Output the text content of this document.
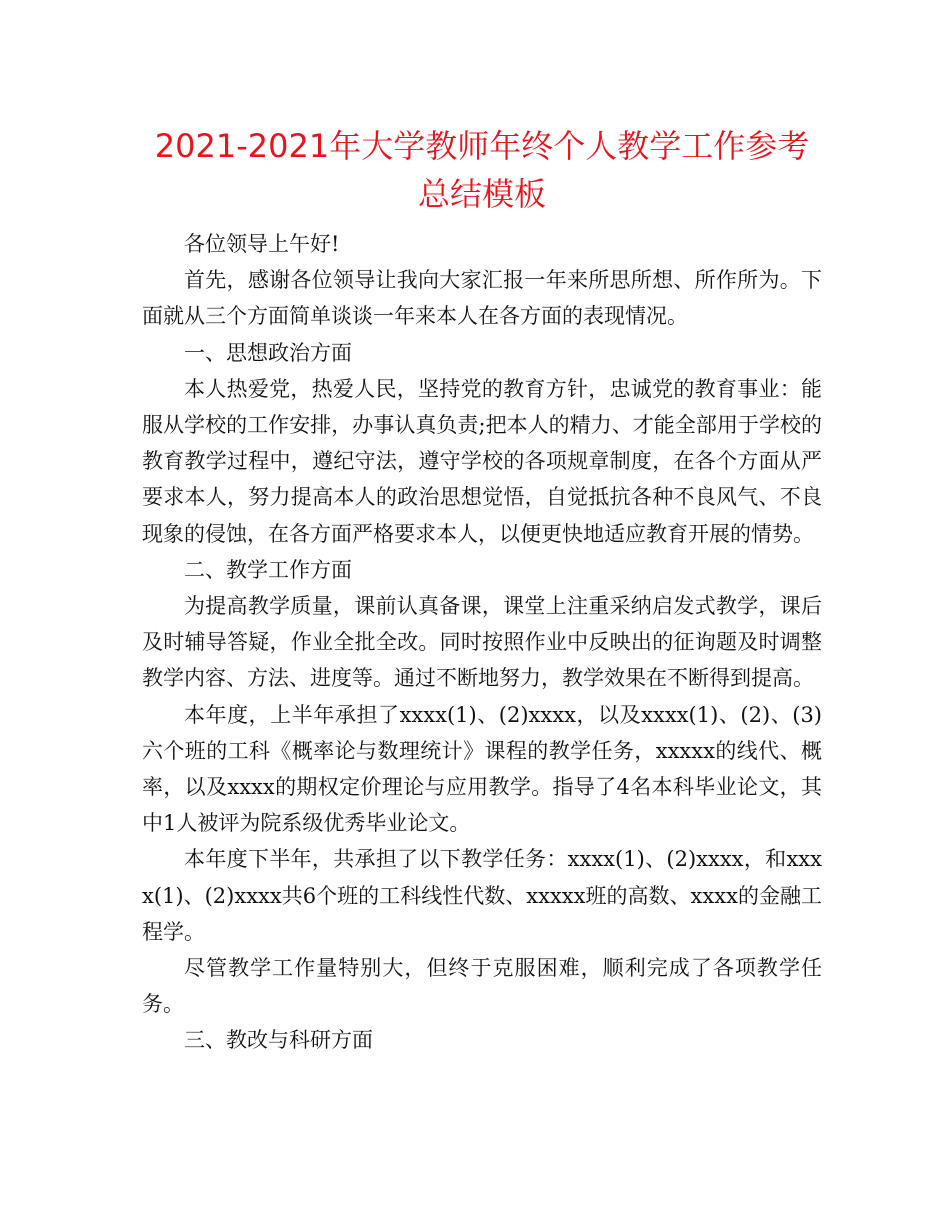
2021-2021年大学教师年终个人教学工作参考
总结模板

各位领导上午好!

首先，感谢各位领导让我向大家汇报一年来所思所想、所作所为。下面就从三个方面简单谈谈一年来本人在各方面的表现情况。

一、思想政治方面

本人热爱党，热爱人民，坚持党的教育方针，忠诚党的教育事业：能服从学校的工作安排，办事认真负责;把本人的精力、才能全部用于学校的教育教学过程中，遵纪守法，遵守学校的各项规章制度，在各个方面从严要求本人，努力提高本人的政治思想觉悟，自觉抵抗各种不良风气、不良现象的侵蚀，在各方面严格要求本人，以便更快地适应教育开展的情势。

二、教学工作方面

为提高教学质量，课前认真备课，课堂上注重采纳启发式教学，课后及时辅导答疑，作业全批全改。同时按照作业中反映出的征询题及时调整教学内容、方法、进度等。通过不断地努力，教学效果在不断得到提高。

本年度，上半年承担了xxxx(1)、(2)xxxx，以及xxxx(1)、(2)、(3)六个班的工科《概率论与数理统计》课程的教学任务，xxxxx的线代、概率，以及xxxx的期权定价理论与应用教学。指导了4名本科毕业论文，其中1人被评为院系级优秀毕业论文。

本年度下半年，共承担了以下教学任务：xxxx(1)、(2)xxxx，和xxxx(1)、(2)xxxx共6个班的工科线性代数、xxxxx班的高数、xxxx的金融工程学。

尽管教学工作量特别大，但终于克服困难，顺利完成了各项教学任务。

三、教改与科研方面
